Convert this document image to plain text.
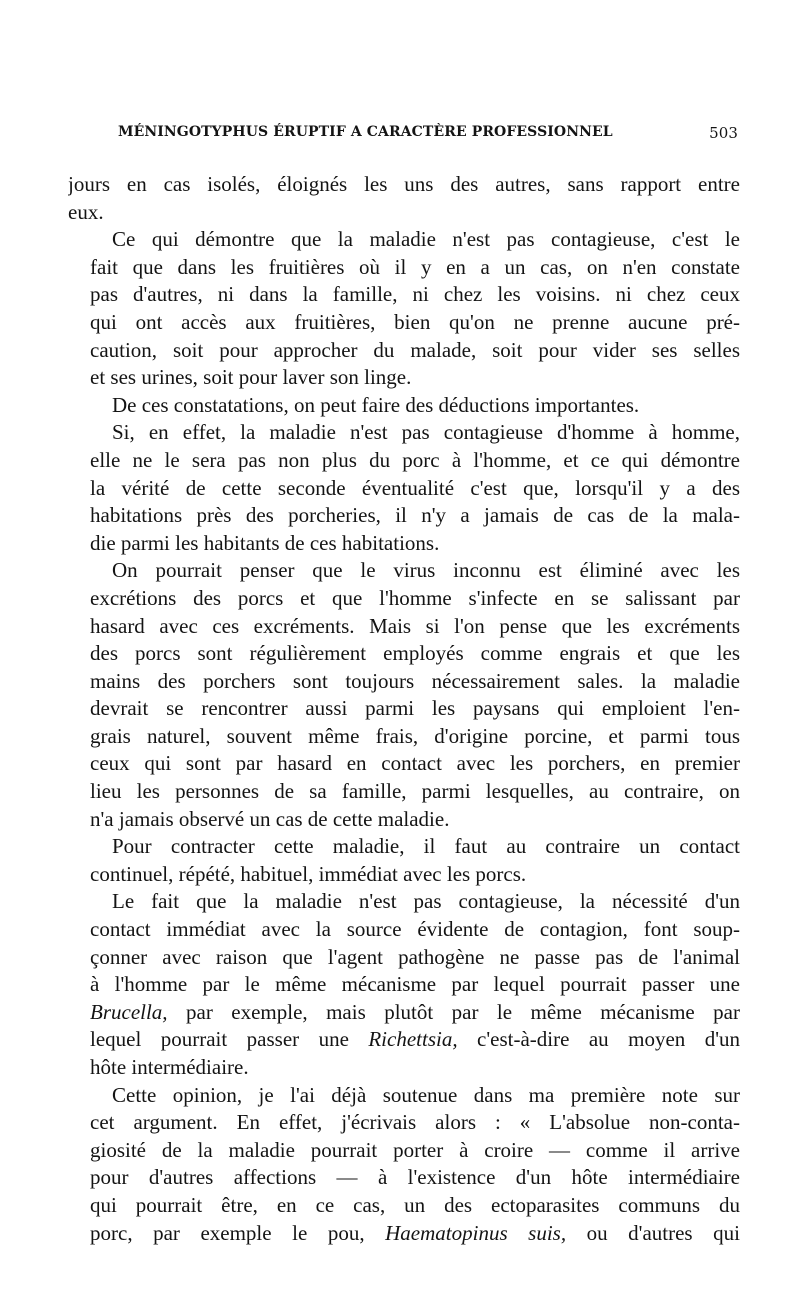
MÉNINGOTYPHUS ÉRUPTIF A CARACTÈRE PROFESSIONNEL	503
jours en cas isolés, éloignés les uns des autres, sans rapport entre
eux.
Ce qui démontre que la maladie n'est pas contagieuse, c'est le
fait que dans les fruitières où il y en a un cas, on n'en constate
pas d'autres, ni dans la famille, ni chez les voisins. ni chez ceux
qui ont accès aux fruitières, bien qu'on ne prenne aucune pré-
caution, soit pour approcher du malade, soit pour vider ses selles
et ses urines, soit pour laver son linge.
De ces constatations, on peut faire des déductions importantes.
Si, en effet, la maladie n'est pas contagieuse d'homme à homme,
elle ne le sera pas non plus du porc à l'homme, et ce qui démontre
la vérité de cette seconde éventualité c'est que, lorsqu'il y a des
habitations près des porcheries, il n'y a jamais de cas de la mala-
die parmi les habitants de ces habitations.
On pourrait penser que le virus inconnu est éliminé avec les
excrétions des porcs et que l'homme s'infecte en se salissant par
hasard avec ces excréments. Mais si l'on pense que les excréments
des porcs sont régulièrement employés comme engrais et que les
mains des porchers sont toujours nécessairement sales. la maladie
devrait se rencontrer aussi parmi les paysans qui emploient l'en-
grais naturel, souvent même frais, d'origine porcine, et parmi tous
ceux qui sont par hasard en contact avec les porchers, en premier
lieu les personnes de sa famille, parmi lesquelles, au contraire, on
n'a jamais observé un cas de cette maladie.
Pour contracter cette maladie, il faut au contraire un contact
continuel, répété, habituel, immédiat avec les porcs.
Le fait que la maladie n'est pas contagieuse, la nécessité d'un
contact immédiat avec la source évidente de contagion, font soup-
çonner avec raison que l'agent pathogène ne passe pas de l'animal
à l'homme par le même mécanisme par lequel pourrait passer une
Brucella, par exemple, mais plutôt par le même mécanisme par
lequel pourrait passer une Richettsia, c'est-à-dire au moyen d'un
hôte intermédiaire.
Cette opinion, je l'ai déjà soutenue dans ma première note sur
cet argument. En effet, j'écrivais alors : « L'absolue non-conta-
giosité de la maladie pourrait porter à croire — comme il arrive
pour d'autres affections — à l'existence d'un hôte intermédiaire
qui pourrait être, en ce cas, un des ectoparasites communs du
porc, par exemple le pou, Haematopinus suis, ou d'autres qui
